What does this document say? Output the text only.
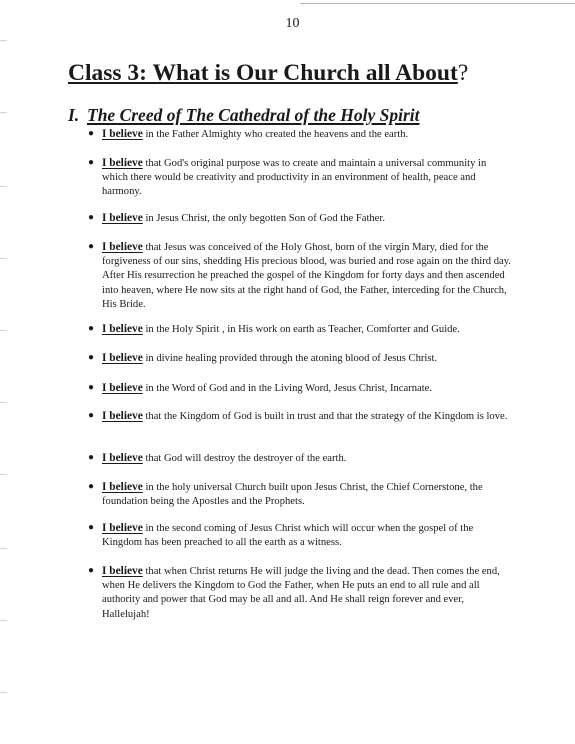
10
Class 3: What is Our Church all About?
I. The Creed of The Cathedral of the Holy Spirit
● I believe in the Father Almighty who created the heavens and the earth.
● I believe that God's original purpose was to create and maintain a universal community in which there would be creativity and productivity in an environment of health, peace and harmony.
● I believe in Jesus Christ, the only begotten Son of God the Father.
● I believe that Jesus was conceived of the Holy Ghost, born of the virgin Mary, died for the forgiveness of our sins, shedding His precious blood, was buried and rose again on the third day. After His resurrection he preached the gospel of the Kingdom for forty days and then ascended into heaven, where He now sits at the right hand of God, the Father, interceding for the Church, His Bride.
● I believe in the Holy Spirit , in His work on earth as Teacher, Comforter and Guide.
● I believe in divine healing provided through the atoning blood of Jesus Christ.
● I believe in the Word of God and in the Living Word, Jesus Christ, Incarnate.
● I believe that the Kingdom of God is built in trust and that the strategy of the Kingdom is love.
● I believe that God will destroy the destroyer of the earth.
● I believe in the holy universal Church built upon Jesus Christ, the Chief Cornerstone, the foundation being the Apostles and the Prophets.
● I believe in the second coming of Jesus Christ which will occur when the gospel of the Kingdom has been preached to all the earth as a witness.
● I believe that when Christ returns He will judge the living and the dead. Then comes the end, when He delivers the Kingdom to God the Father, when He puts an end to all rule and all authority and power that God may be all and all. And He shall reign forever and ever, Hallelujah!
